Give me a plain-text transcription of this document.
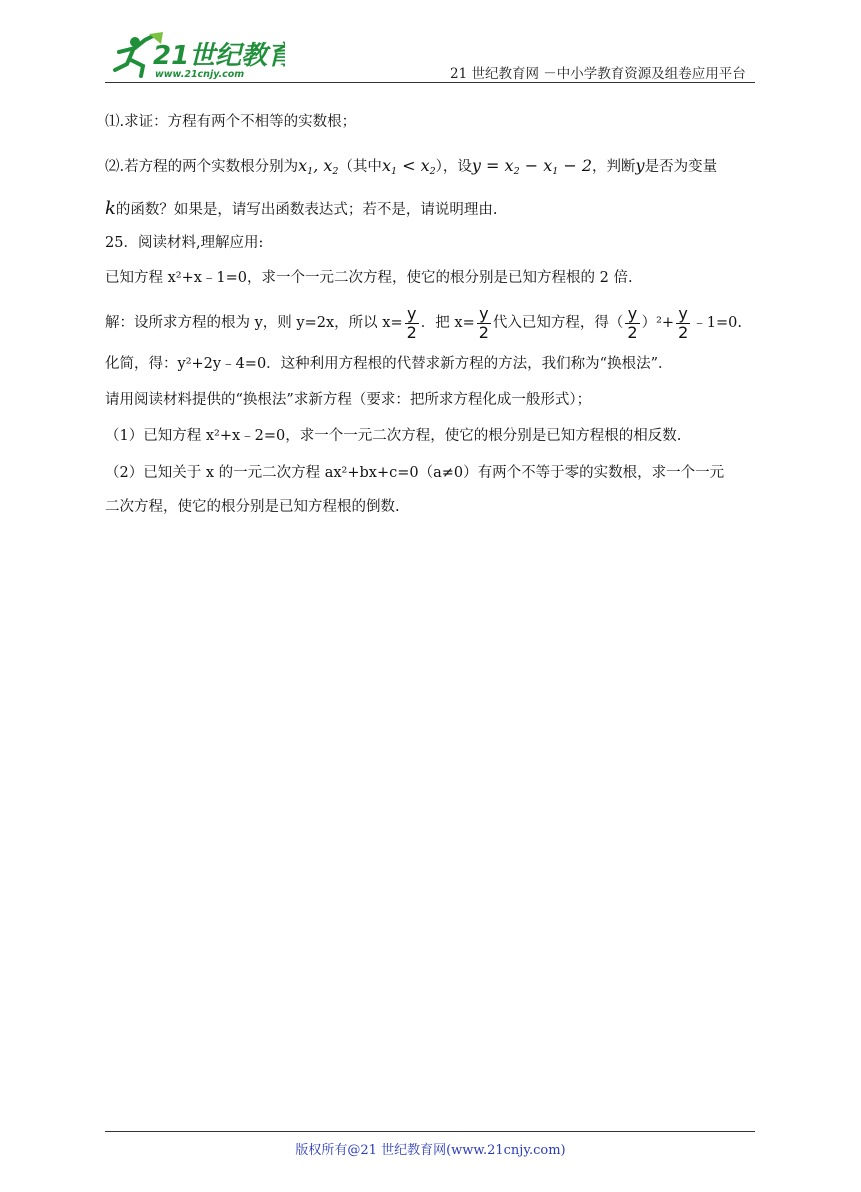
21世纪教育
www.21cnjy.com	21 世纪教育网 －中小学教育资源及组卷应用平台
⑴.求证：方程有两个不相等的实数根；
⑵.若方程的两个实数根分别为$x_1$, $x_2$（其中$x_1 < x_2$），设$y = x_2 - x_1 - 2$，判断y是否为变量
k的函数？如果是，请写出函数表达式；若不是，请说明理由.
25．阅读材料,理解应用:
已知方程 x²+x﹣1=0，求一个一元二次方程，使它的根分别是已知方程根的 2 倍.
解：设所求方程的根为 y，则 y=2x，所以 $x= \frac{y}{2}$ ．把 $x= \frac{y}{2}$ 代入已知方程，得（ $\frac{y}{2} )^2+ \frac{y}{2}$ ﹣1=0.
化简，得：y²+2y﹣4=0．这种利用方程根的代替求新方程的方法，我们称为“换根法”．
请用阅读材料提供的“换根法”求新方程（要求：把所求方程化成一般形式）；
（1）已知方程 x²+x﹣2=0，求一个一元二次方程，使它的根分别是已知方程根的相反数.
（2）已知关于 x 的一元二次方程 ax²+bx+c=0（a≠0）有两个不等于零的实数根，求一个一元
二次方程，使它的根分别是已知方程根的倒数.
版权所有@21 世纪教育网(www.21cnjy.com)
